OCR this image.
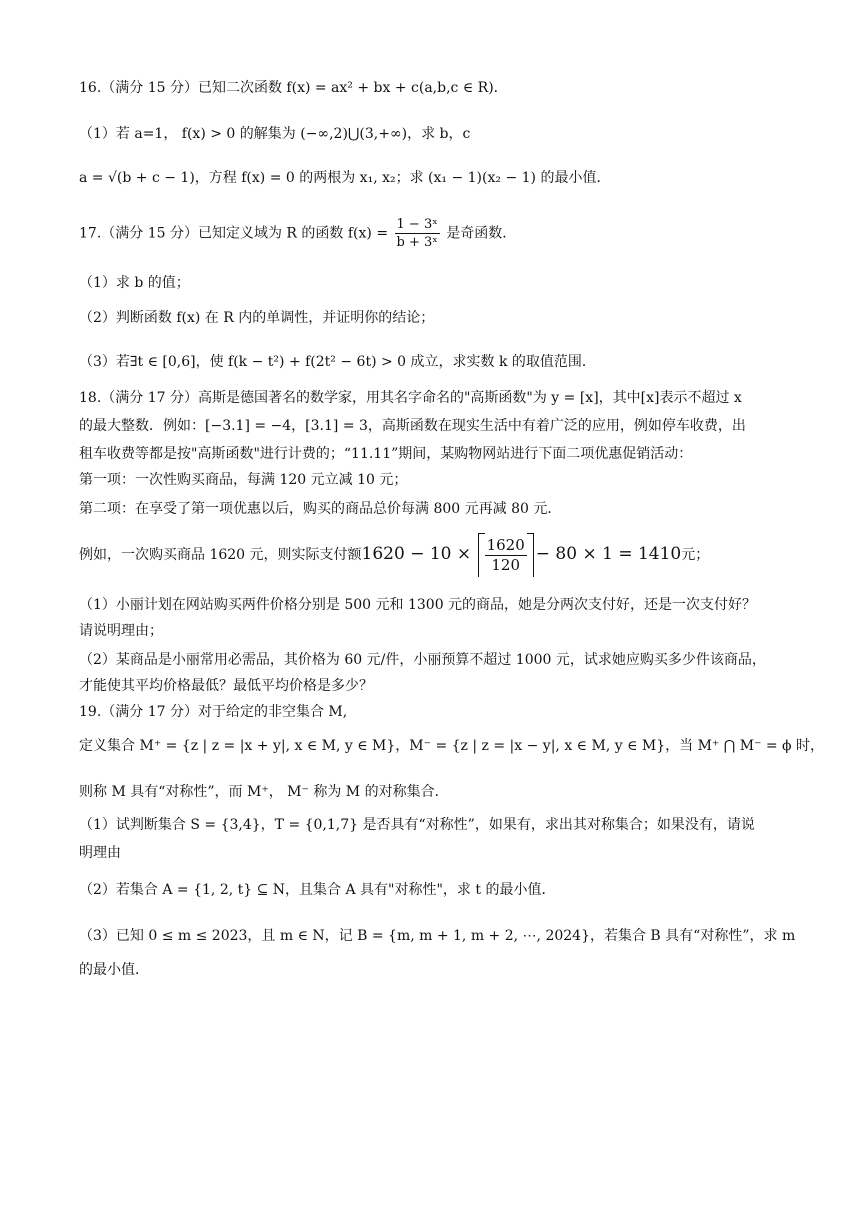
16.（满分 15 分）已知二次函数 f(x) = ax² + bx + c(a,b,c ∈ R)．
（1）若 a=1， f(x) > 0 的解集为 (−∞,2)⋃(3,+∞)，求 b，c
a = √(b + c − 1)，方程 f(x) = 0 的两根为 x₁, x₂；求 (x₁ − 1)(x₂ − 1) 的最小值．
17.（满分 15 分）已知定义域为 R 的函数 $f(x) = \frac{\text{1 − 3ˣ}}{\text{b + 3ˣ}}$ 是奇函数．
（1）求 b 的值；
（2）判断函数 f(x) 在 R 内的单调性，并证明你的结论；
（3）若∃t ∈ [0,6]，使 f(k − t²) + f(2t² − 6t) > 0 成立，求实数 k 的取值范围．
18.（满分 17 分）高斯是德国著名的数学家，用其名字命名的"高斯函数"为 y = [x]，其中[x]表示不超过 x
的最大整数．例如：[−3.1] = −4，[3.1] = 3，高斯函数在现实生活中有着广泛的应用，例如停车收费，出
租车收费等都是按"高斯函数"进行计费的；“11.11”期间，某购物网站进行下面二项优惠促销活动：
第一项：一次性购买商品，每满 120 元立减 10 元；
第二项：在享受了第一项优惠以后，购买的商品总价每满 800 元再减 80 元．
例如，一次购买商品 1620 元，则实际支付额$1620 - 10 \times \frac{1620}{120} - 80 \times 1 = 1410$元；
（1）小丽计划在网站购买两件价格分别是 500 元和 1300 元的商品，她是分两次支付好，还是一次支付好？
请说明理由；
（2）某商品是小丽常用必需品，其价格为 60 元/件，小丽预算不超过 1000 元，试求她应购买多少件该商品，
才能使其平均价格最低？最低平均价格是多少？
19.（满分 17 分）对于给定的非空集合 M,
定义集合 M⁺ = {z | z = |x + y|, x ∈ M, y ∈ M}，M⁻ = {z | z = |x − y|, x ∈ M, y ∈ M}，当 M⁺ ⋂ M⁻ = ϕ 时，
则称 M 具有“对称性”，而 M⁺， M⁻ 称为 M 的对称集合．
（1）试判断集合 S = {3,4}，T = {0,1,7} 是否具有“对称性”，如果有，求出其对称集合；如果没有，请说
明理由
（2）若集合 A = {1, 2, t} ⊆ N，且集合 A 具有"对称性"，求 t 的最小值．
（3）已知 0 ≤ m ≤ 2023，且 m ∈ N，记 B = {m, m + 1, m + 2, ⋯, 2024}，若集合 B 具有“对称性”，求 m
的最小值．
